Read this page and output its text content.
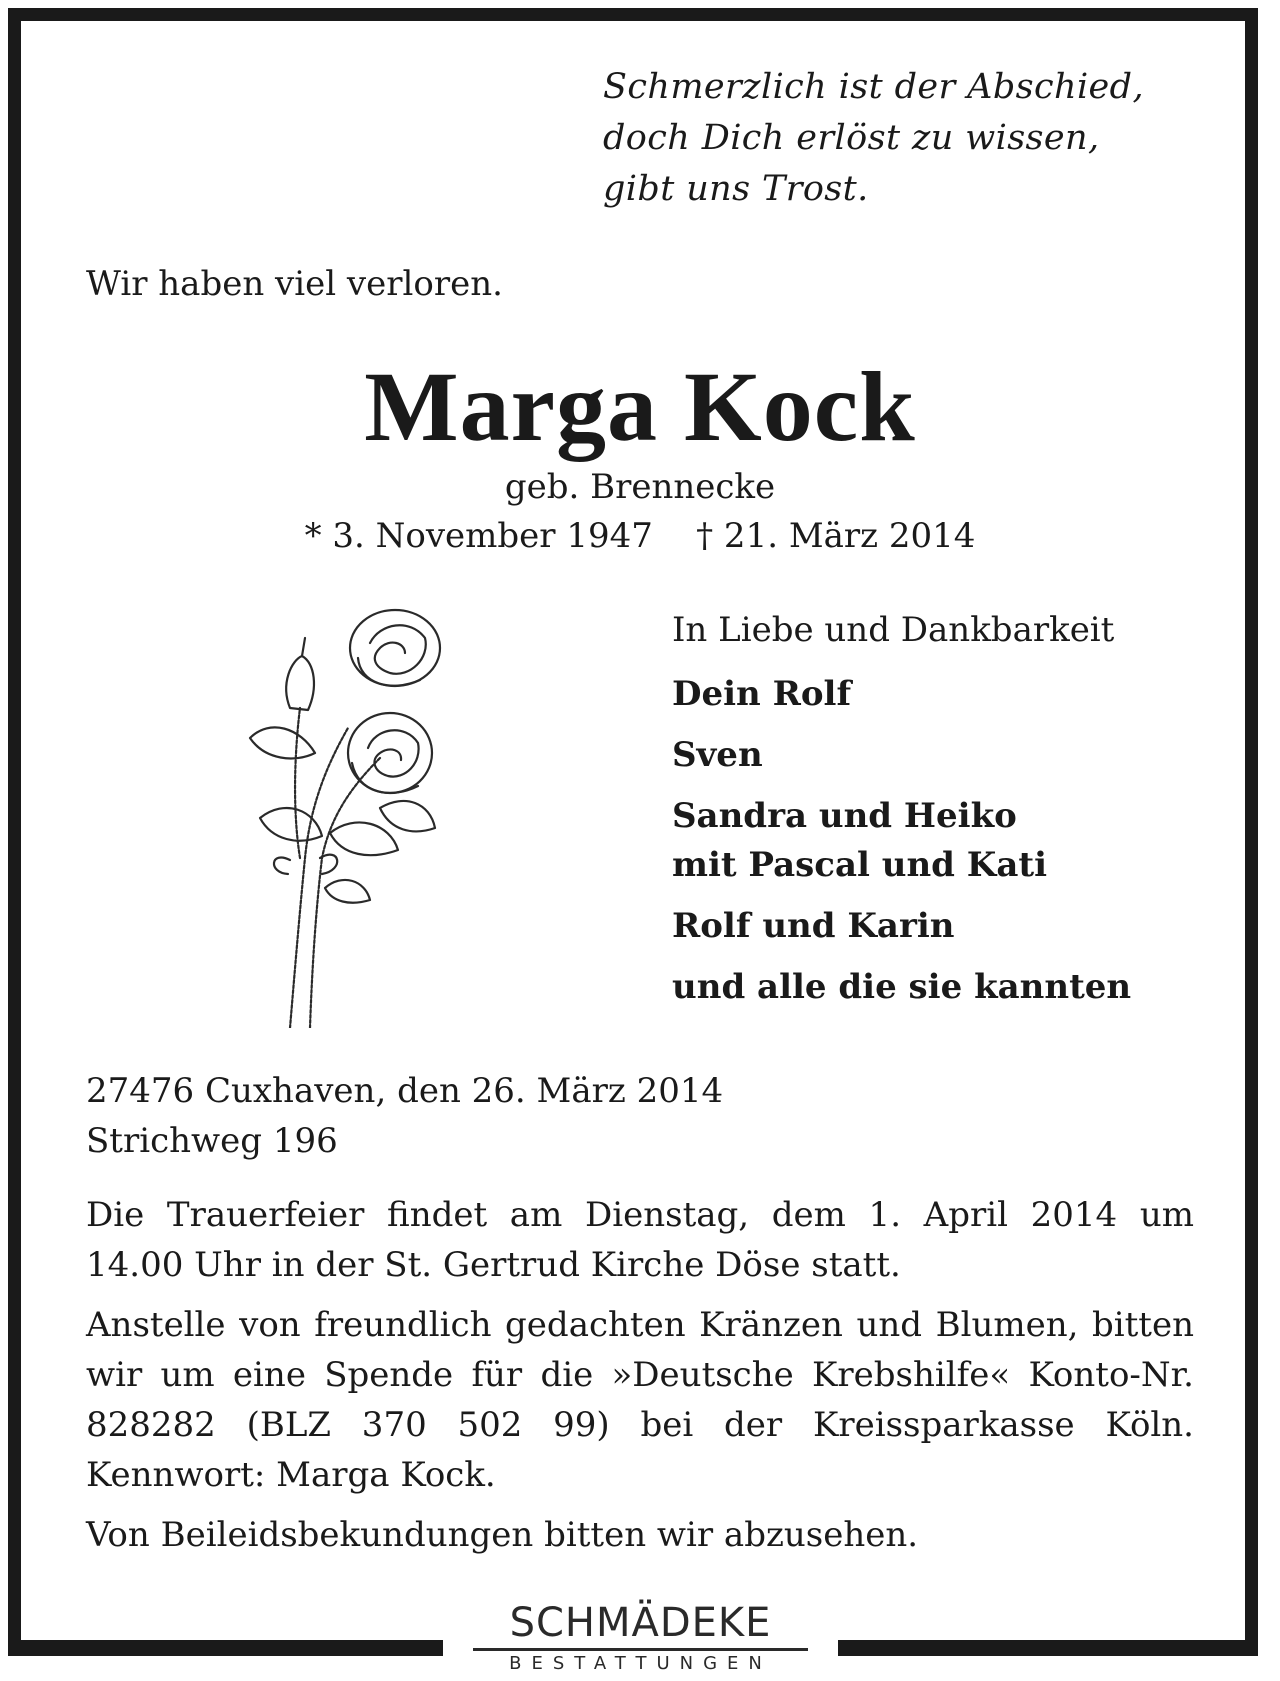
Schmerzlich ist der Abschied,
doch Dich erlöst zu wissen,
gibt uns Trost.
Wir haben viel verloren.
Marga Kock
geb. Brennecke
* 3. November 1947    † 21. März 2014
In Liebe und Dankbarkeit
Dein Rolf
Sven
Sandra und Heiko
mit Pascal und Kati
Rolf und Karin
und alle die sie kannten
27476 Cuxhaven, den 26. März 2014
Strichweg 196

Die Trauerfeier findet am Dienstag, dem 1. April 2014 um 14.00 Uhr in der St. Gertrud Kirche Döse statt.

Anstelle von freundlich gedachten Kränzen und Blumen, bitten wir um eine Spende für die »Deutsche Krebshilfe« Konto-Nr. 828282 (BLZ 370 502 99) bei der Kreissparkasse Köln. Kennwort: Marga Kock.

Von Beileidsbekundungen bitten wir abzusehen.

SCHMÄDEKE
BESTATTUNGEN
